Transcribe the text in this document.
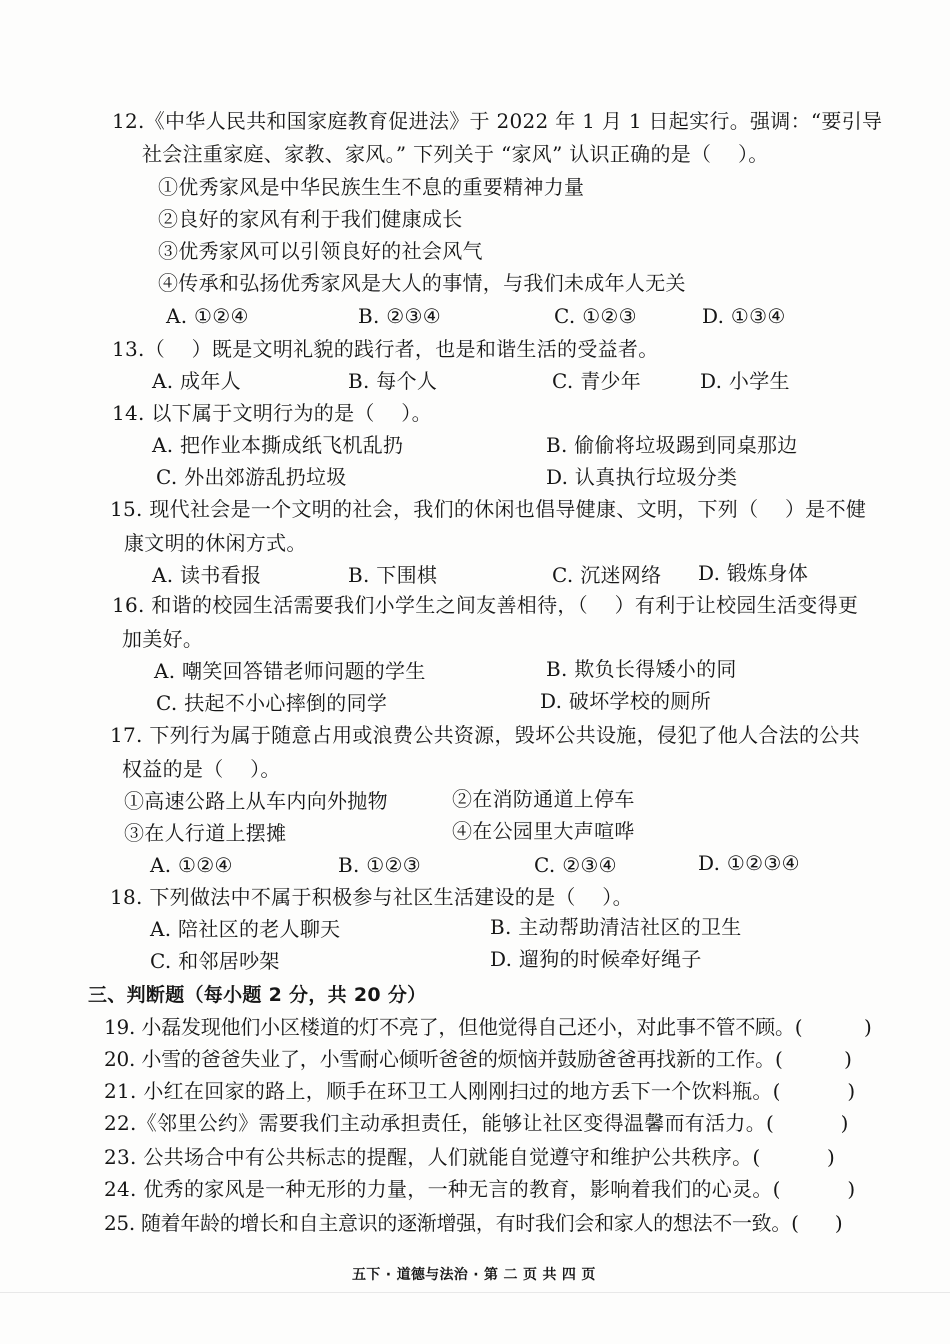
12.《中华人民共和国家庭教育促进法》于 2022 年 1 月 1 日起实行。强调：“要引导
社会注重家庭、家教、家风。” 下列关于 “家风” 认识正确的是（    ）。
①优秀家风是中华民族生生不息的重要精神力量
②良好的家风有利于我们健康成长
③优秀家风可以引领良好的社会风气
④传承和弘扬优秀家风是大人的事情，与我们未成年人无关
A. ①②④	B. ②③④	C. ①②③	D. ①③④
13.（    ）既是文明礼貌的践行者，也是和谐生活的受益者。
A. 成年人	B. 每个人	C. 青少年	D. 小学生
14. 以下属于文明行为的是（    ）。
A. 把作业本撕成纸飞机乱扔	B. 偷偷将垃圾踢到同桌那边
C. 外出郊游乱扔垃圾	D. 认真执行垃圾分类
15. 现代社会是一个文明的社会，我们的休闲也倡导健康、文明，下列（    ）是不健
康文明的休闲方式。
A. 读书看报	B. 下围棋	C. 沉迷网络 D. 锻炼身体
16. 和谐的校园生活需要我们小学生之间友善相待，（    ）有利于让校园生活变得更
加美好。
A. 嘲笑回答错老师问题的学生	B. 欺负长得矮小的同
C. 扶起不小心摔倒的同学	D. 破坏学校的厕所
17. 下列行为属于随意占用或浪费公共资源，毁坏公共设施，侵犯了他人合法的公共
权益的是（    ）。
①高速公路上从车内向外抛物	②在消防通道上停车
③在人行道上摆摊	④在公园里大声喧哗
A. ①②④	B. ①②③	C. ②③④	D. ①②③④
18. 下列做法中不属于积极参与社区生活建设的是（    ）。
A. 陪社区的老人聊天	B. 主动帮助清洁社区的卫生
C. 和邻居吵架	D. 遛狗的时候牵好绳子
三、判断题（每小题 2 分，共 20 分）
19. 小磊发现他们小区楼道的灯不亮了，但他觉得自己还小，对此事不管不顾。(          )
20. 小雪的爸爸失业了，小雪耐心倾听爸爸的烦恼并鼓励爸爸再找新的工作。(          )
21. 小红在回家的路上，顺手在环卫工人刚刚扫过的地方丢下一个饮料瓶。(          )
22.《邻里公约》需要我们主动承担责任，能够让社区变得温馨而有活力。(          )
23. 公共场合中有公共标志的提醒，人们就能自觉遵守和维护公共秩序。(          )
24. 优秀的家风是一种无形的力量，一种无言的教育，影响着我们的心灵。(          )
25. 随着年龄的增长和自主意识的逐渐增强，有时我们会和家人的想法不一致。(      )
五下 · 道德与法治 · 第 二 页 共 四 页
